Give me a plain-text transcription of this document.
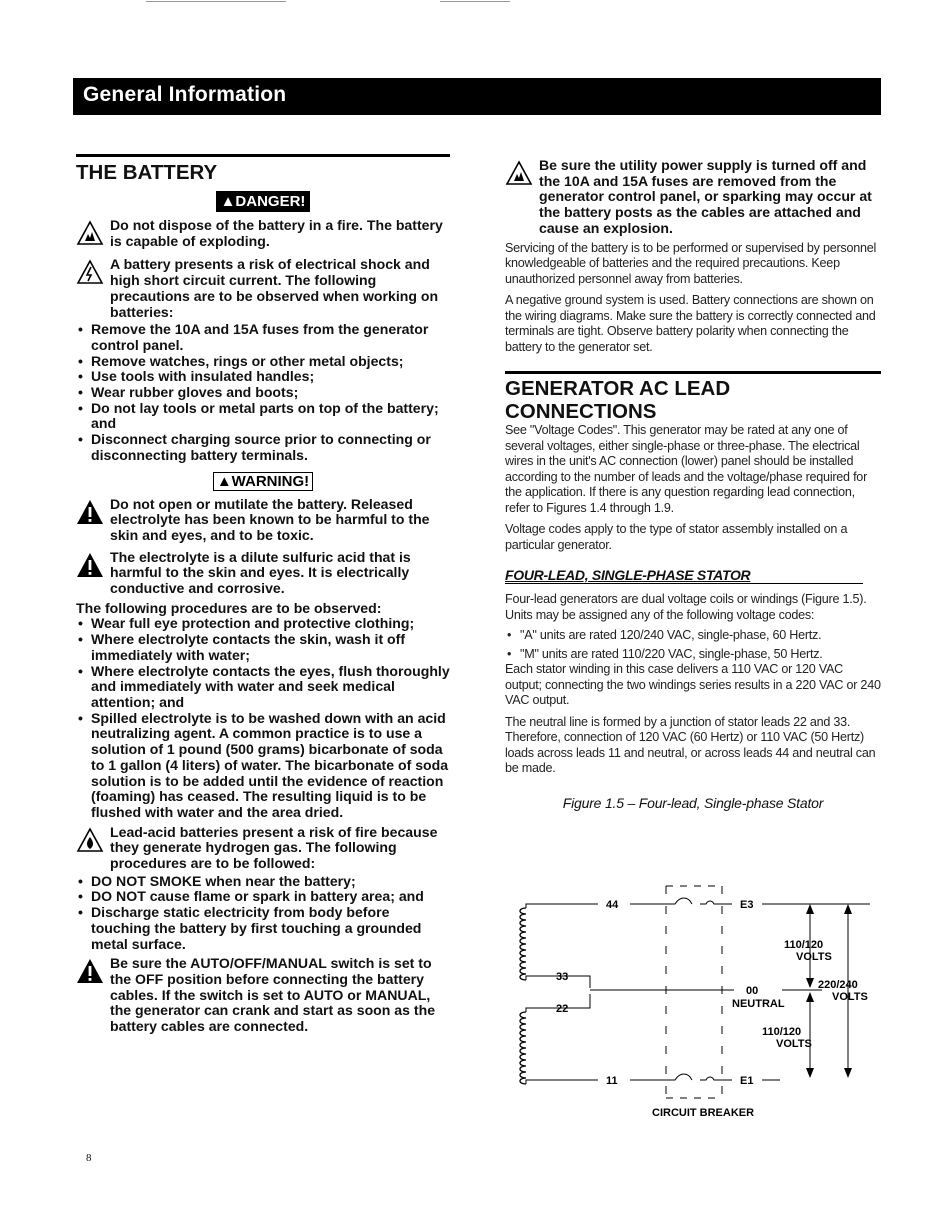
General Information
THE BATTERY
▲DANGER!
Do not dispose of the battery in a fire. The battery is capable of exploding.
A battery presents a risk of electrical shock and high short circuit current. The following precautions are to be observed when working on batteries:
• Remove the 10A and 15A fuses from the generator control panel.
• Remove watches, rings or other metal objects;
• Use tools with insulated handles;
• Wear rubber gloves and boots;
• Do not lay tools or metal parts on top of the battery; and
• Disconnect charging source prior to connecting or disconnecting battery terminals.
▲WARNING!
Do not open or mutilate the battery. Released electrolyte has been known to be harmful to the skin and eyes, and to be toxic.
The electrolyte is a dilute sulfuric acid that is harmful to the skin and eyes. It is electrically conductive and corrosive.

The following procedures are to be observed:

• Wear full eye protection and protective clothing;
• Where electrolyte contacts the skin, wash it off immediately with water;
• Where electrolyte contacts the eyes, flush thoroughly and immediately with water and seek medical attention; and
• Spilled electrolyte is to be washed down with an acid neutralizing agent. A common practice is to use a solution of 1 pound (500 grams) bicarbonate of soda to 1 gallon (4 liters) of water. The bicarbonate of soda solution is to be added until the evidence of reaction (foaming) has ceased. The resulting liquid is to be flushed with water and the area dried.
Lead-acid batteries present a risk of fire because they generate hydrogen gas. The following procedures are to be followed:
• DO NOT SMOKE when near the battery;
• DO NOT cause flame or spark in battery area; and
• Discharge static electricity from body before touching the battery by first touching a grounded metal surface.
Be sure the AUTO/OFF/MANUAL switch is set to the OFF position before connecting the battery cables. If the switch is set to AUTO or MANUAL, the generator can crank and start as soon as the battery cables are connected.
Be sure the utility power supply is turned off and the 10A and 15A fuses are removed from the generator control panel, or sparking may occur at the battery posts as the cables are attached and cause an explosion.

Servicing of the battery is to be performed or supervised by personnel knowledgeable of batteries and the required precautions. Keep unauthorized personnel away from batteries.

A negative ground system is used. Battery connections are shown on the wiring diagrams. Make sure the battery is correctly connected and terminals are tight. Observe battery polarity when connecting the battery to the generator set.

GENERATOR AC LEAD CONNECTIONS

See "Voltage Codes". This generator may be rated at any one of several voltages, either single-phase or three-phase. The electrical wires in the unit's AC connection (lower) panel should be installed according to the number of leads and the voltage/phase required for the application. If there is any question regarding lead connection, refer to Figures 1.4 through 1.9.

Voltage codes apply to the type of stator assembly installed on a particular generator.

FOUR-LEAD, SINGLE-PHASE STATOR

Four-lead generators are dual voltage coils or windings (Figure 1.5). Units may be assigned any of the following voltage codes:

• "A" units are rated 120/240 VAC, single-phase, 60 Hertz.
• "M" units are rated 110/220 VAC, single-phase, 50 Hertz.

Each stator winding in this case delivers a 110 VAC or 120 VAC output; connecting the two windings series results in a 220 VAC or 240 VAC output.

The neutral line is formed by a junction of stator leads 22 and 33. Therefore, connection of 120 VAC (60 Hertz) or 110 VAC (50 Hertz) loads across leads 11 and neutral, or across leads 44 and neutral can be made.

Figure 1.5 – Four-lead, Single-phase Stator
44
33
22
11
E3
E1
00
NEUTRAL
110/120
VOLTS
220/240
VOLTS
110/120
VOLTS
CIRCUIT BREAKER
8
